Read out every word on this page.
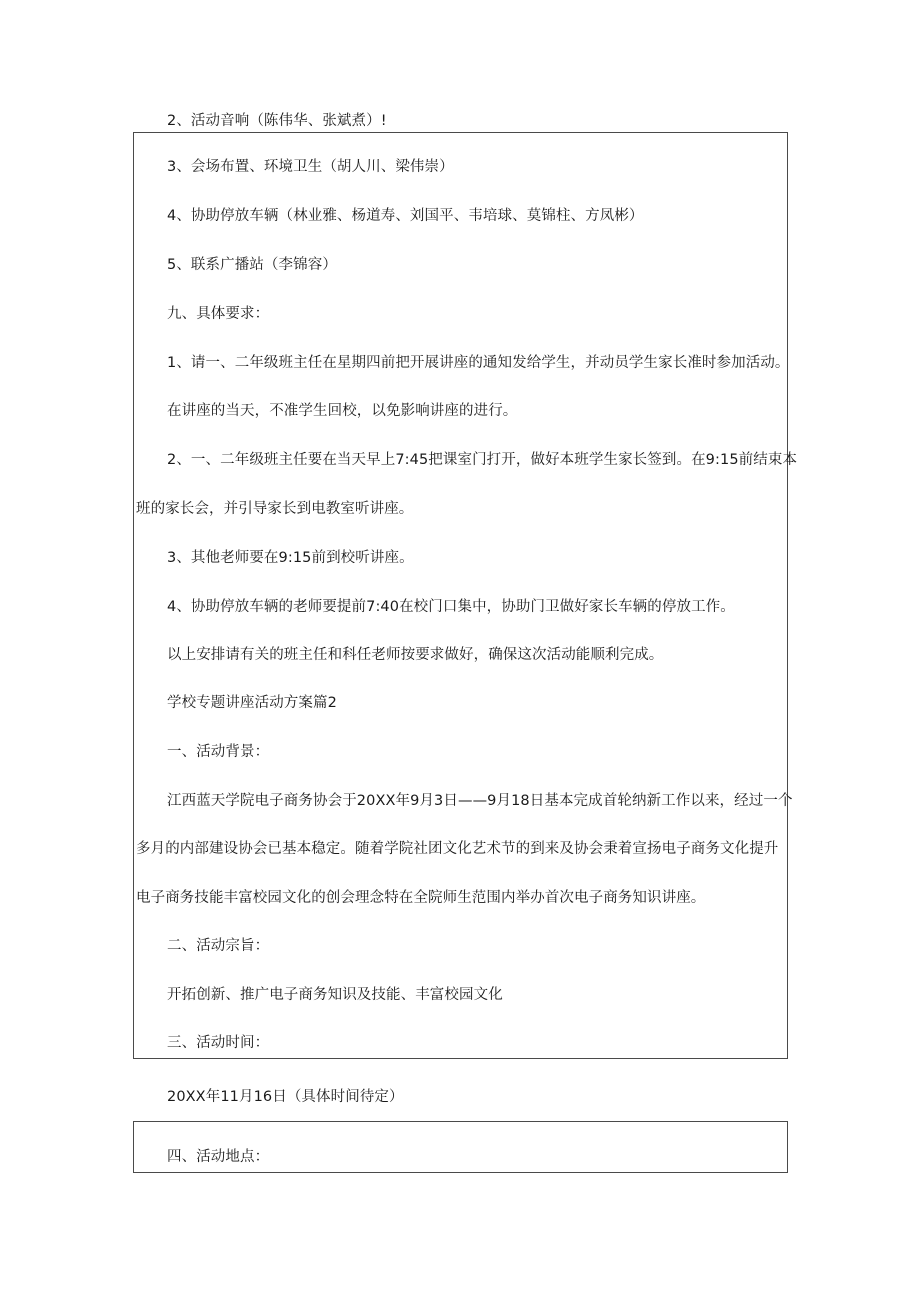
2、活动音响（陈伟华、张斌煮）!
3、会场布置、环境卫生（胡人川、梁伟崇）
4、协助停放车辆（林业雅、杨道寿、刘国平、韦培球、莫锦柱、方凤彬）
5、联系广播站（李锦容）
九、具体要求：
1、请一、二年级班主任在星期四前把开展讲座的通知发给学生，并动员学生家长准时参加活动。
在讲座的当天，不准学生回校，以免影响讲座的进行。
2、一、二年级班主任要在当天早上7:45把课室门打开，做好本班学生家长签到。在9:15前结束本
班的家长会，并引导家长到电教室听讲座。
3、其他老师要在9:15前到校听讲座。
4、协助停放车辆的老师要提前7:40在校门口集中，协助门卫做好家长车辆的停放工作。
以上安排请有关的班主任和科任老师按要求做好，确保这次活动能顺利完成。
学校专题讲座活动方案篇2
一、活动背景：
江西蓝天学院电子商务协会于20XX年9月3日——9月18日基本完成首轮纳新工作以来，经过一个
多月的内部建设协会已基本稳定。随着学院社团文化艺术节的到来及协会秉着宣扬电子商务文化提升
电子商务技能丰富校园文化的创会理念特在全院师生范围内举办首次电子商务知识讲座。
二、活动宗旨：
开拓创新、推广电子商务知识及技能、丰富校园文化
三、活动时间：
20XX年11月16日（具体时间待定）
四、活动地点：
